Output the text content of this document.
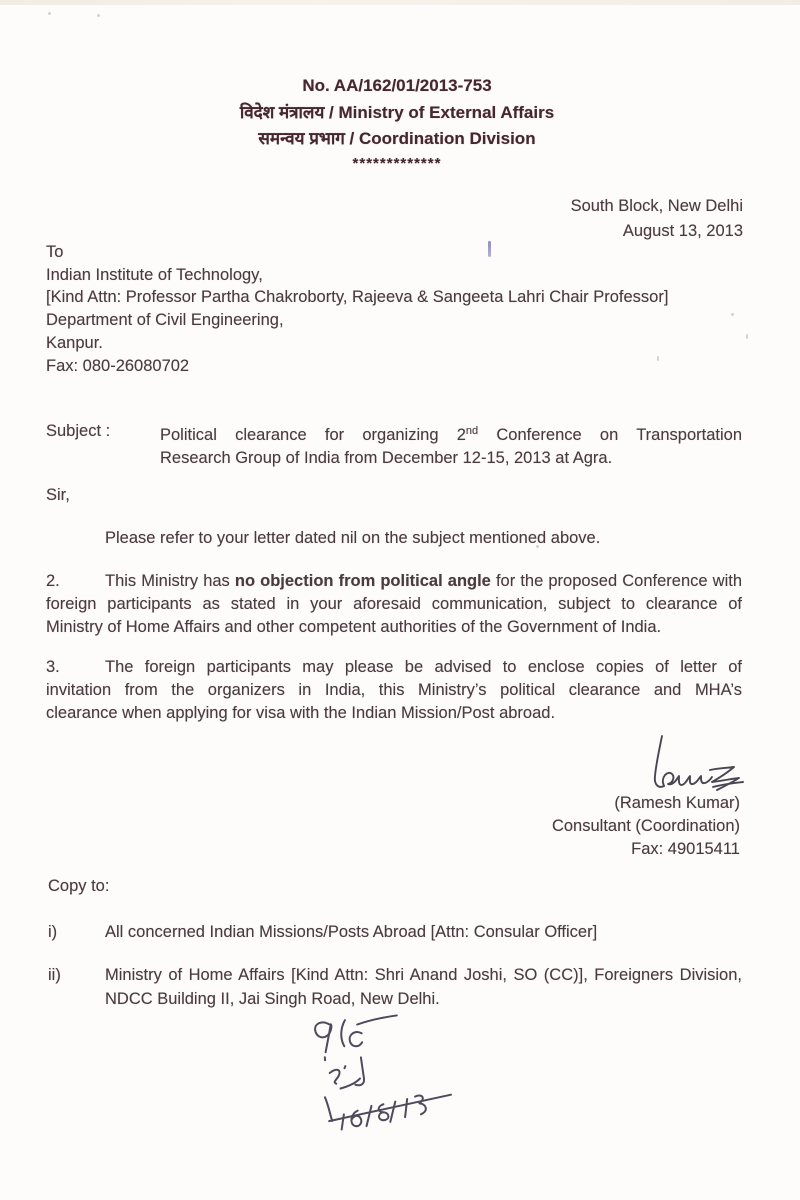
No. AA/162/01/2013-753
विदेश मंत्रालय / Ministry of External Affairs
समन्वय प्रभाग / Coordination Division
*************
South Block, New Delhi
August 13, 2013
To
Indian Institute of Technology,
[Kind Attn: Professor Partha Chakroborty, Rajeeva & Sangeeta Lahri Chair Professor]
Department of Civil Engineering,
Kanpur.
Fax: 080-26080702
Subject :	Political clearance for organizing 2nd Conference on Transportation
Research Group of India from December 12-15, 2013 at Agra.
Sir,
Please refer to your letter dated nil on the subject mentioned above.
2.	This Ministry has no objection from political angle for the proposed Conference with
foreign participants as stated in your aforesaid communication, subject to clearance of
Ministry of Home Affairs and other competent authorities of the Government of India.
3.	The foreign participants may please be advised to enclose copies of letter of
invitation from the organizers in India, this Ministry’s political clearance and MHA’s
clearance when applying for visa with the Indian Mission/Post abroad.
(Ramesh Kumar)
Consultant (Coordination)
Fax: 49015411
Copy to:
i)	All concerned Indian Missions/Posts Abroad [Attn: Consular Officer]
ii)	Ministry of Home Affairs [Kind Attn: Shri Anand Joshi, SO (CC)], Foreigners Division,
NDCC Building II, Jai Singh Road, New Delhi.
